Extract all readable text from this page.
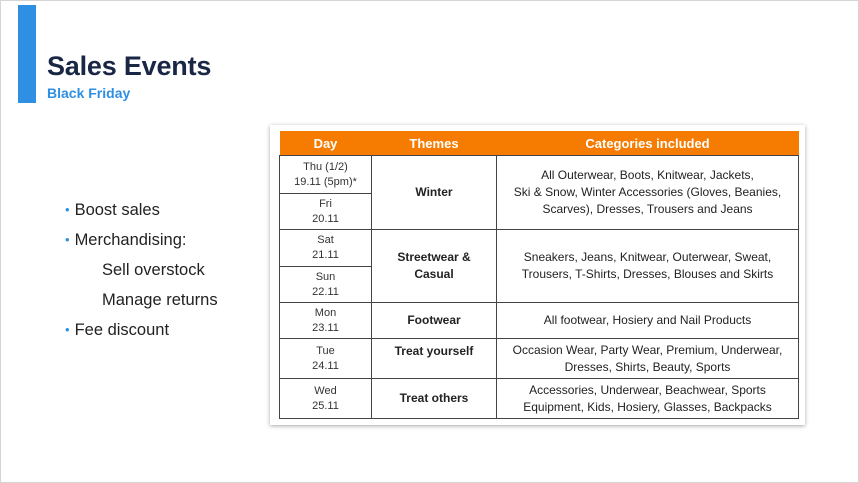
Sales Events
Black Friday
• Boost sales
• Merchandising:
Sell overstock
Manage returns
• Fee discount
Day	Themes	Categories included

Thu (1/2)
19.11 (5pm)*	Winter	All Outerwear, Boots, Knitwear, Jackets,
Ski & Snow, Winter Accessories (Gloves, Beanies,
Scarves), Dresses, Trousers and Jeans

Fri
20.11		

Sat
21.11	Streetwear &
Casual	Sneakers, Jeans, Knitwear, Outerwear, Sweat,
Trousers, T-Shirts, Dresses, Blouses and Skirts

Sun
22.11		

Mon
23.11	Footwear	All footwear, Hosiery and Nail Products

Tue
24.11	Treat yourself	Occasion Wear, Party Wear, Premium, Underwear,
Dresses, Shirts, Beauty, Sports

Wed
25.11	Treat others	Accessories, Underwear, Beachwear, Sports
Equipment, Kids, Hosiery, Glasses, Backpacks
